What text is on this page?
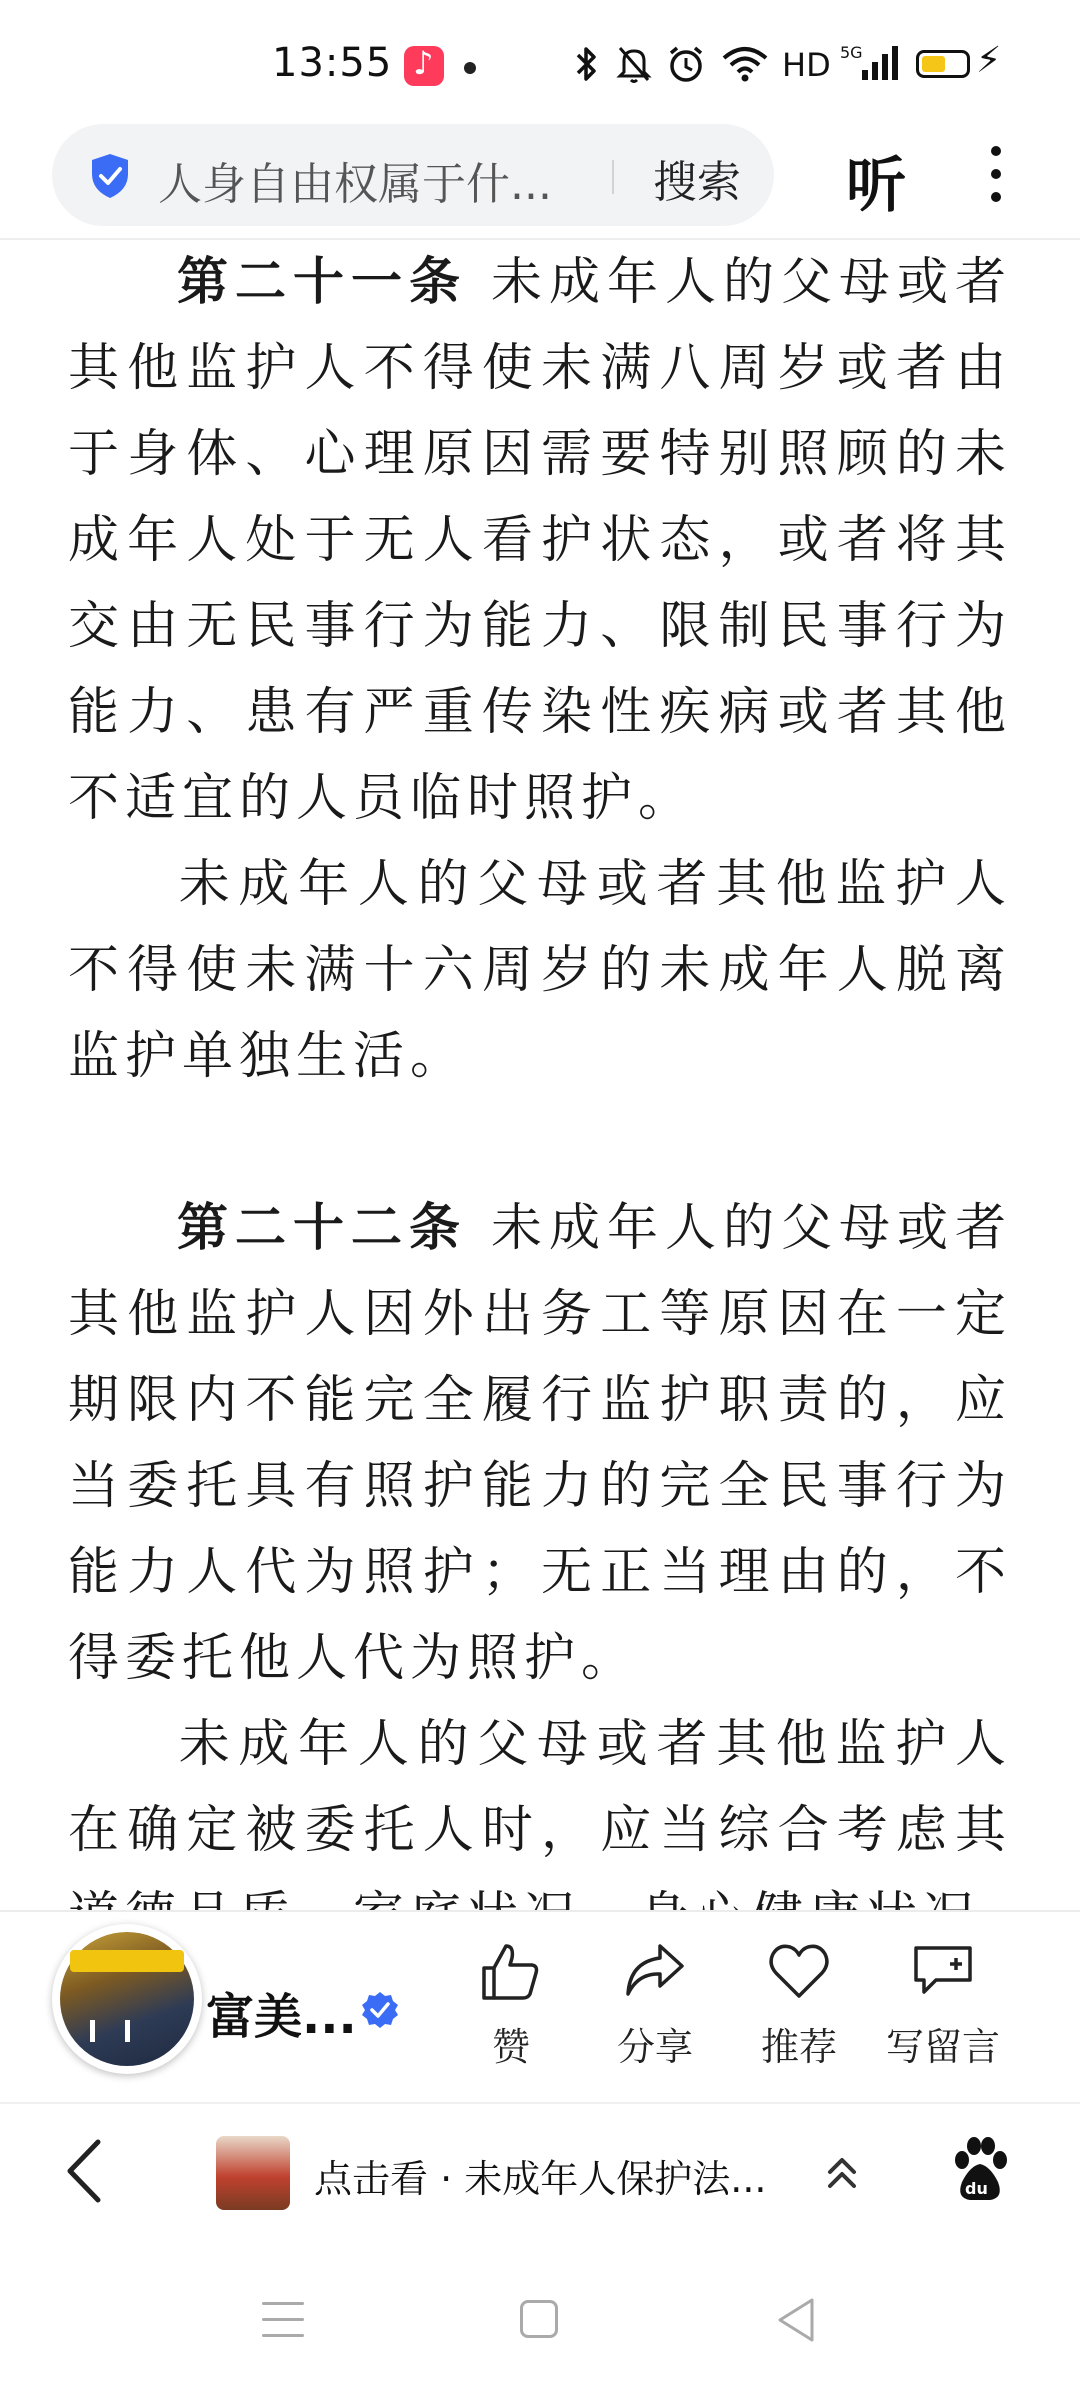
13:55
♪	HD 5G	⚡
人身自由权属于什...	搜索	听

第二十一条 未成年人的父母或者其他监护人不得使未满八周岁或者由于身体、心理原因需要特别照顾的未成年人处于无人看护状态，或者将其交由无民事行为能力、限制民事行为能力、患有严重传染性疾病或者其他不适宜的人员临时照护。

未成年人的父母或者其他监护人不得使未满十六周岁的未成年人脱离监护单独生活。

第二十二条 未成年人的父母或者其他监护人因外出务工等原因在一定期限内不能完全履行监护职责的，应当委托具有照护能力的完全民事行为能力人代为照护；无正当理由的，不得委托他人代为照护。

未成年人的父母或者其他监护人在确定被委托人时，应当综合考虑其

富美...
赞	分享	推荐	写留言
点击看 · 未成年人保护法...	du
